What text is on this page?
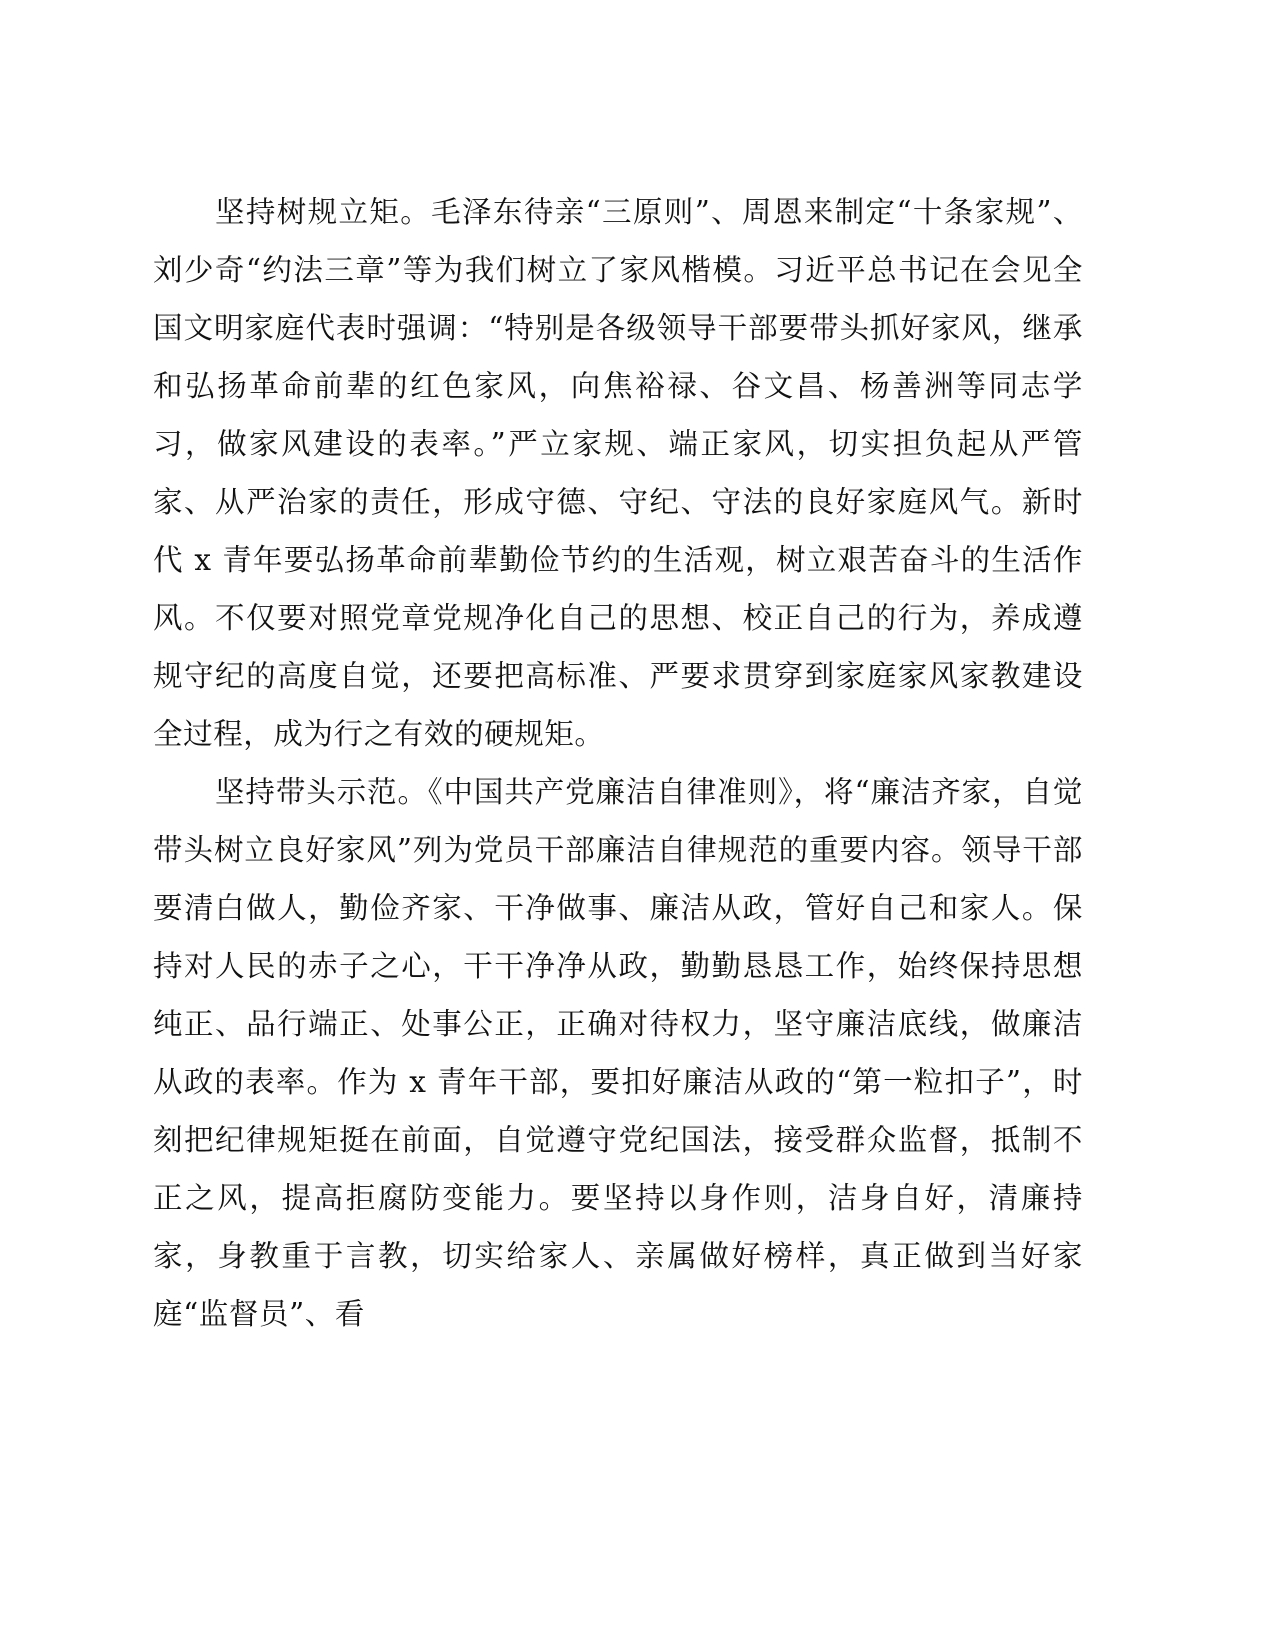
坚持树规立矩。毛泽东待亲“三原则”、周恩来制定“十条家规”、刘少奇“约法三章”等为我们树立了家风楷模。习近平总书记在会见全国文明家庭代表时强调：“特别是各级领导干部要带头抓好家风，继承和弘扬革命前辈的红色家风，向焦裕禄、谷文昌、杨善洲等同志学习，做家风建设的表率。”严立家规、端正家风，切实担负起从严管家、从严治家的责任，形成守德、守纪、守法的良好家庭风气。新时代 x 青年要弘扬革命前辈勤俭节约的生活观，树立艰苦奋斗的生活作风。不仅要对照党章党规净化自己的思想、校正自己的行为，养成遵规守纪的高度自觉，还要把高标准、严要求贯穿到家庭家风家教建设全过程，成为行之有效的硬规矩。

坚持带头示范。《中国共产党廉洁自律准则》，将“廉洁齐家，自觉带头树立良好家风”列为党员干部廉洁自律规范的重要内容。领导干部要清白做人，勤俭齐家、干净做事、廉洁从政，管好自己和家人。保持对人民的赤子之心，干干净净从政，勤勤恳恳工作，始终保持思想纯正、品行端正、处事公正，正确对待权力，坚守廉洁底线，做廉洁从政的表率。作为 x 青年干部，要扣好廉洁从政的“第一粒扣子”，时刻把纪律规矩挺在前面，自觉遵守党纪国法，接受群众监督，抵制不正之风，提高拒腐防变能力。要坚持以身作则，洁身自好，清廉持家，身教重于言教，切实给家人、亲属做好榜样，真正做到当好家庭“监督员”、看
